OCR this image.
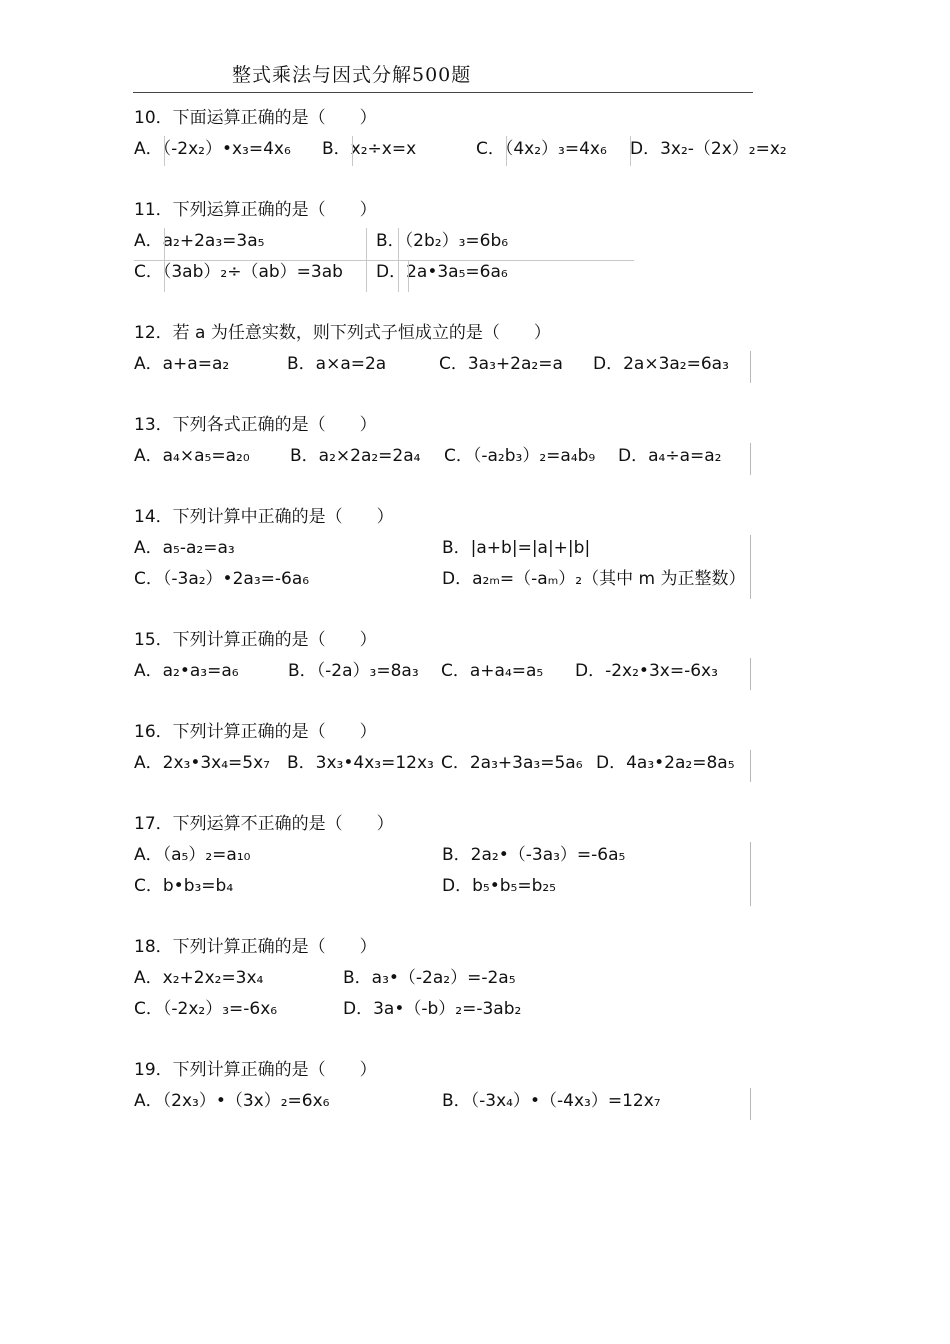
整式乘法与因式分解500题
10．下面运算正确的是（　　）
A．（-2x₂）•x₃=4x₆ B．x₂÷x=x	C．（4x₂）₃=4x₆ D．3x₂-（2x）₂=x₂
11．下列运算正确的是（　　）
A．a₂+2a₃=3a₅	B．（2b₂）₃=6b₆
C．（3ab）₂÷（ab）=3ab D．2a•3a₅=6a₆
12．若 a 为任意实数，则下列式子恒成立的是（　　）
A．a+a=a₂	B．a×a=2a	C．3a₃+2a₂=a D．2a×3a₂=6a₃
13．下列各式正确的是（　　）
A．a₄×a₅=a₂₀ B．a₂×2a₂=2a₄ C．（-a₂b₃）₂=a₄b₉ D．a₄÷a=a₂
14．下列计算中正确的是（　　）
A．a₅-a₂=a₃	B．|a+b|=|a|+|b|
C．（-3a₂）•2a₃=-6a₆	D．a₂ₘ=（-aₘ）₂（其中 m 为正整数）
15．下列计算正确的是（　　）
A．a₂•a₃=a₆	B．（-2a）₃=8a₃ C．a+a₄=a₅ D．-2x₂•3x=-6x₃
16．下列计算正确的是（　　）
A．2x₃•3x₄=5x₇ B．3x₃•4x₃=12x₃ C．2a₃+3a₃=5a₆ D．4a₃•2a₂=8a₅
17．下列运算不正确的是（　　）
A．（a₅）₂=a₁₀	B．2a₂•（-3a₃）=-6a₅
C．b•b₃=b₄	D．b₅•b₅=b₂₅
18．下列计算正确的是（　　）
A．x₂+2x₂=3x₄	B．a₃•（-2a₂）=-2a₅
C．（-2x₂）₃=-6x₆	D．3a•（-b）₂=-3ab₂
19．下列计算正确的是（　　）
A．（2x₃）•（3x）₂=6x₆	B．（-3x₄）•（-4x₃）=12x₇
